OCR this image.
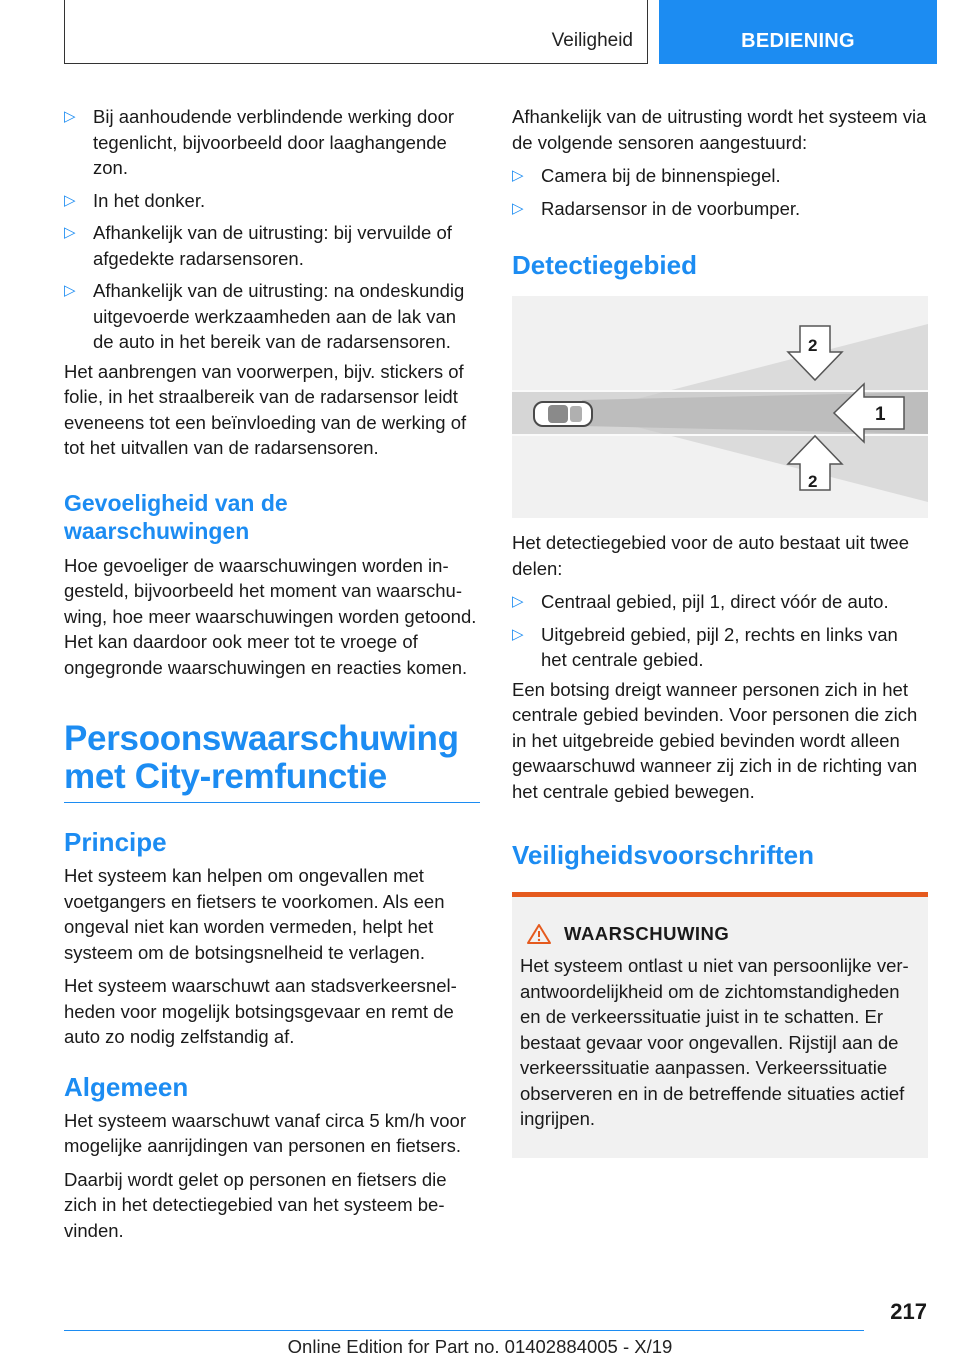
Veiligheid	BEDIENING
▷ Bij aanhoudende verblindende werking door tegenlicht, bijvoorbeeld door laaghangende zon.
▷ In het donker.
▷ Afhankelijk van de uitrusting: bij vervuilde of afgedekte radarsensoren.
▷ Afhankelijk van de uitrusting: na ondeskundig uitgevoerde werkzaamheden aan de lak van de auto in het bereik van de radarsensoren.

Het aanbrengen van voorwerpen, bijv. stickers of folie, in het straalbereik van de radarsensor leidt eveneens tot een beïnvloeding van de werking of tot het uitvallen van de radarsensoren.

Gevoeligheid van de waarschuwingen

Hoe gevoeliger de waarschuwingen worden ingesteld, bijvoorbeeld het moment van waarschuwing, hoe meer waarschuwingen worden getoond. Het kan daardoor ook meer tot te vroege of ongegronde waarschuwingen en reacties komen.

Persoonswaarschuwing met City-remfunctie
Principe

Het systeem kan helpen om ongevallen met voetgangers en fietsers te voorkomen. Als een ongeval niet kan worden vermeden, helpt het systeem om de botsingsnelheid te verlagen.

Het systeem waarschuwt aan stadsverkeersnelheden voor mogelijk botsingsgevaar en remt de auto zo nodig zelfstandig af.

Algemeen

Het systeem waarschuwt vanaf circa 5 km/h voor mogelijke aanrijdingen van personen en fietsers.

Daarbij wordt gelet op personen en fietsers die zich in het detectiegebied van het systeem bevinden.

Afhankelijk van de uitrusting wordt het systeem via de volgende sensoren aangestuurd:

▷ Camera bij de binnenspiegel.
▷ Radarsensor in de voorbumper.
Detectiegebied
2
1
2

Het detectiegebied voor de auto bestaat uit twee delen:

▷ Centraal gebied, pijl 1, direct vóór de auto.
▷ Uitgebreid gebied, pijl 2, rechts en links van het centrale gebied.

Een botsing dreigt wanneer personen zich in het centrale gebied bevinden. Voor personen die zich in het uitgebreide gebied bevinden wordt alleen gewaarschuwd wanneer zij zich in de richting van het centrale gebied bewegen.

Veiligheidsvoorschriften
WAARSCHUWING

Het systeem ontlast u niet van persoonlijke verantwoordelijkheid om de zichtomstandigheden en de verkeerssituatie juist in te schatten. Er bestaat gevaar voor ongevallen. Rijstijl aan de verkeerssituatie aanpassen. Verkeerssituatie observeren en in de betreffende situaties actief ingrijpen.

217
Online Edition for Part no. 01402884005 - X/19
